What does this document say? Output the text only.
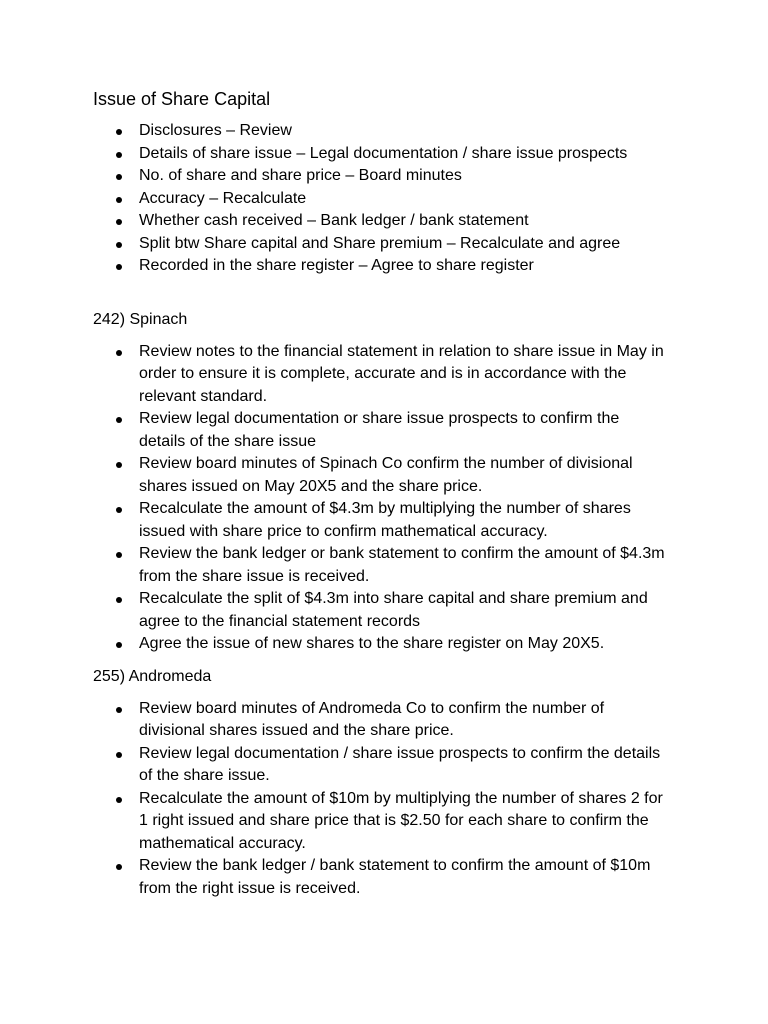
Issue of Share Capital
Disclosures – Review
Details of share issue – Legal documentation / share issue prospects
No. of share and share price – Board minutes
Accuracy – Recalculate
Whether cash received – Bank ledger / bank statement
Split btw Share capital and Share premium – Recalculate and agree
Recorded in the share register – Agree to share register
242) Spinach
Review notes to the financial statement in relation to share issue in May in order to ensure it is complete, accurate and is in accordance with the relevant standard.
Review legal documentation or share issue prospects to confirm the details of the share issue
Review board minutes of Spinach Co confirm the number of divisional shares issued on May 20X5 and the share price.
Recalculate the amount of $4.3m by multiplying the number of shares issued with share price to confirm mathematical accuracy.
Review the bank ledger or bank statement to confirm the amount of $4.3m from the share issue is received.
Recalculate the split of $4.3m into share capital and share premium and agree to the financial statement records
Agree the issue of new shares to the share register on May 20X5.
255) Andromeda
Review board minutes of Andromeda Co to confirm the number of divisional shares issued and the share price.
Review legal documentation / share issue prospects to confirm the details of the share issue.
Recalculate the amount of $10m by multiplying the number of shares 2 for 1 right issued and share price that is $2.50 for each share to confirm the mathematical accuracy.
Review the bank ledger / bank statement to confirm the amount of $10m from the right issue is received.
